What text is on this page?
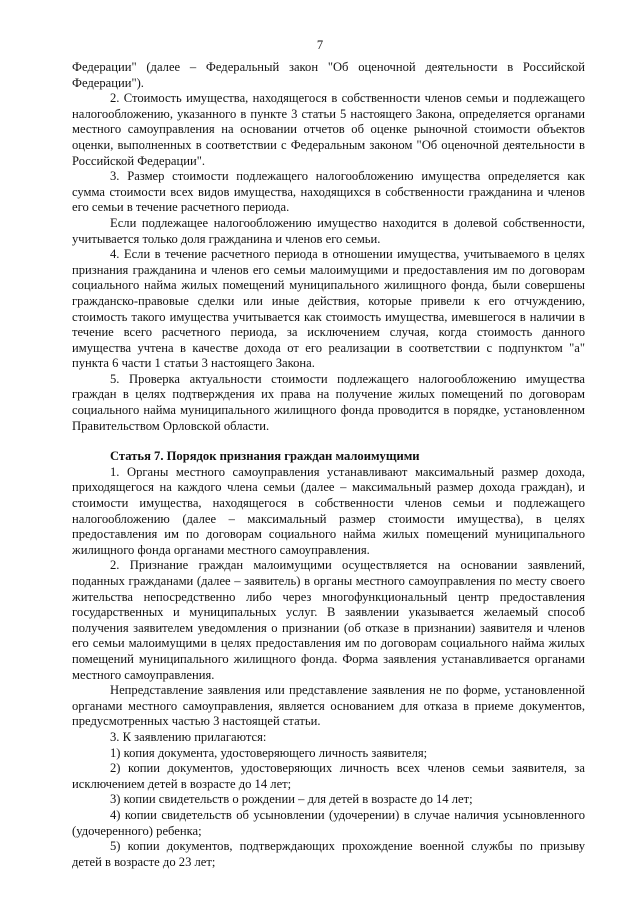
7

Федерации" (далее – Федеральный закон "Об оценочной деятельности в Российской Федерации").

2. Стоимость имущества, находящегося в собственности членов семьи и подлежащего налогообложению, указанного в пункте 3 статьи 5 настоящего Закона, определяется органами местного самоуправления на основании отчетов об оценке рыночной стоимости объектов оценки, выполненных в соответствии с Федеральным законом "Об оценочной деятельности в Российской Федерации".

3. Размер стоимости подлежащего налогообложению имущества определяется как сумма стоимости всех видов имущества, находящихся в собственности гражданина и членов его семьи в течение расчетного периода.

Если подлежащее налогообложению имущество находится в долевой собственности, учитывается только доля гражданина и членов его семьи.

4. Если в течение расчетного периода в отношении имущества, учитываемого в целях признания гражданина и членов его семьи малоимущими и предоставления им по договорам социального найма жилых помещений муниципального жилищного фонда, были совершены гражданско-правовые сделки или иные действия, которые привели к его отчуждению, стоимость такого имущества учитывается как стоимость имущества, имевшегося в наличии в течение всего расчетного периода, за исключением случая, когда стоимость данного имущества учтена в качестве дохода от его реализации в соответствии с подпунктом "а" пункта 6 части 1 статьи 3 настоящего Закона.

5. Проверка актуальности стоимости подлежащего налогообложению имущества граждан в целях подтверждения их права на получение жилых помещений по договорам социального найма муниципального жилищного фонда проводится в порядке, установленном Правительством Орловской области.

Статья 7. Порядок признания граждан малоимущими

1. Органы местного самоуправления устанавливают максимальный размер дохода, приходящегося на каждого члена семьи (далее – максимальный размер дохода граждан), и стоимости имущества, находящегося в собственности членов семьи и подлежащего налогообложению (далее – максимальный размер стоимости имущества), в целях предоставления им по договорам социального найма жилых помещений муниципального жилищного фонда органами местного самоуправления.

2. Признание граждан малоимущими осуществляется на основании заявлений, поданных гражданами (далее – заявитель) в органы местного самоуправления по месту своего жительства непосредственно либо через многофункциональный центр предоставления государственных и муниципальных услуг. В заявлении указывается желаемый способ получения заявителем уведомления о признании (об отказе в признании) заявителя и членов его семьи малоимущими в целях предоставления им по договорам социального найма жилых помещений муниципального жилищного фонда. Форма заявления устанавливается органами местного самоуправления.

Непредставление заявления или представление заявления не по форме, установленной органами местного самоуправления, является основанием для отказа в приеме документов, предусмотренных частью 3 настоящей статьи.

3. К заявлению прилагаются:

1) копия документа, удостоверяющего личность заявителя;

2) копии документов, удостоверяющих личность всех членов семьи заявителя, за исключением детей в возрасте до 14 лет;

3) копии свидетельств о рождении – для детей в возрасте до 14 лет;

4) копии свидетельств об усыновлении (удочерении) в случае наличия усыновленного (удочеренного) ребенка;

5) копии документов, подтверждающих прохождение военной службы по призыву детей в возрасте до 23 лет;
